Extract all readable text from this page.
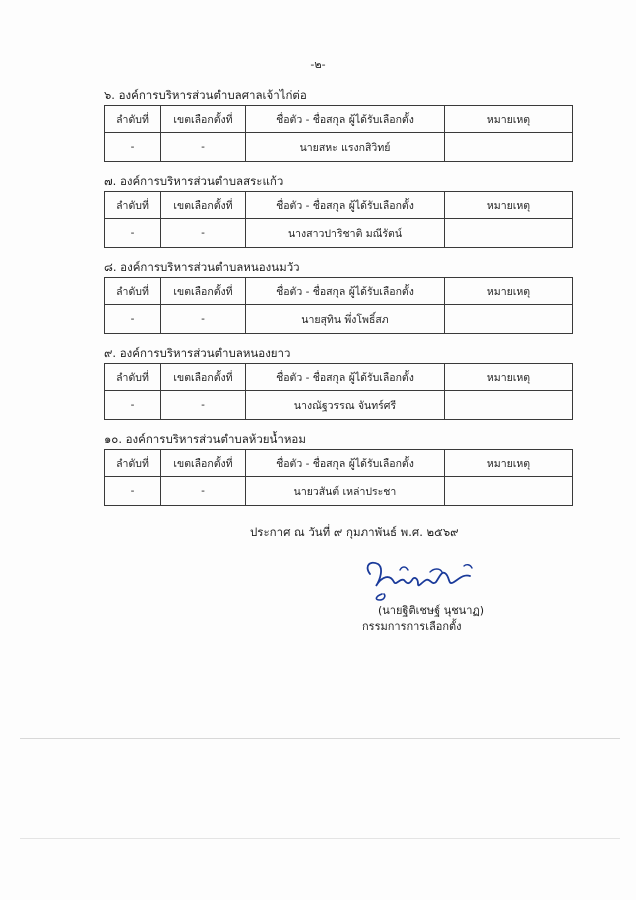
-๒-
๖. องค์การบริหารส่วนตำบลศาลเจ้าไก่ต่อ
ลำดับที่	เขตเลือกตั้งที่	ชื่อตัว - ชื่อสกุล ผู้ได้รับเลือกตั้ง	หมายเหตุ
-	-	นายสหะ แรงกสิวิทย์	
๗. องค์การบริหารส่วนตำบลสระแก้ว
ลำดับที่	เขตเลือกตั้งที่	ชื่อตัว - ชื่อสกุล ผู้ได้รับเลือกตั้ง	หมายเหตุ
-	-	นางสาวปาริชาติ มณีรัตน์	
๘. องค์การบริหารส่วนตำบลหนองนมวัว
ลำดับที่	เขตเลือกตั้งที่	ชื่อตัว - ชื่อสกุล ผู้ได้รับเลือกตั้ง	หมายเหตุ
-	-	นายสุทิน พึ่งโพธิ์สภ	
๙. องค์การบริหารส่วนตำบลหนองยาว
ลำดับที่	เขตเลือกตั้งที่	ชื่อตัว - ชื่อสกุล ผู้ได้รับเลือกตั้ง	หมายเหตุ
-	-	นางณัฐวรรณ จันทร์ศรี	
๑๐. องค์การบริหารส่วนตำบลห้วยน้ำหอม
ลำดับที่	เขตเลือกตั้งที่	ชื่อตัว - ชื่อสกุล ผู้ได้รับเลือกตั้ง	หมายเหตุ
-	-	นายวสันต์ เหล่าประชา	
ประกาศ ณ วันที่ ๙ กุมภาพันธ์ พ.ศ. ๒๕๖๙
(นายฐิติเชษฐ์ นุชนาฏ)
กรรมการการเลือกตั้ง
